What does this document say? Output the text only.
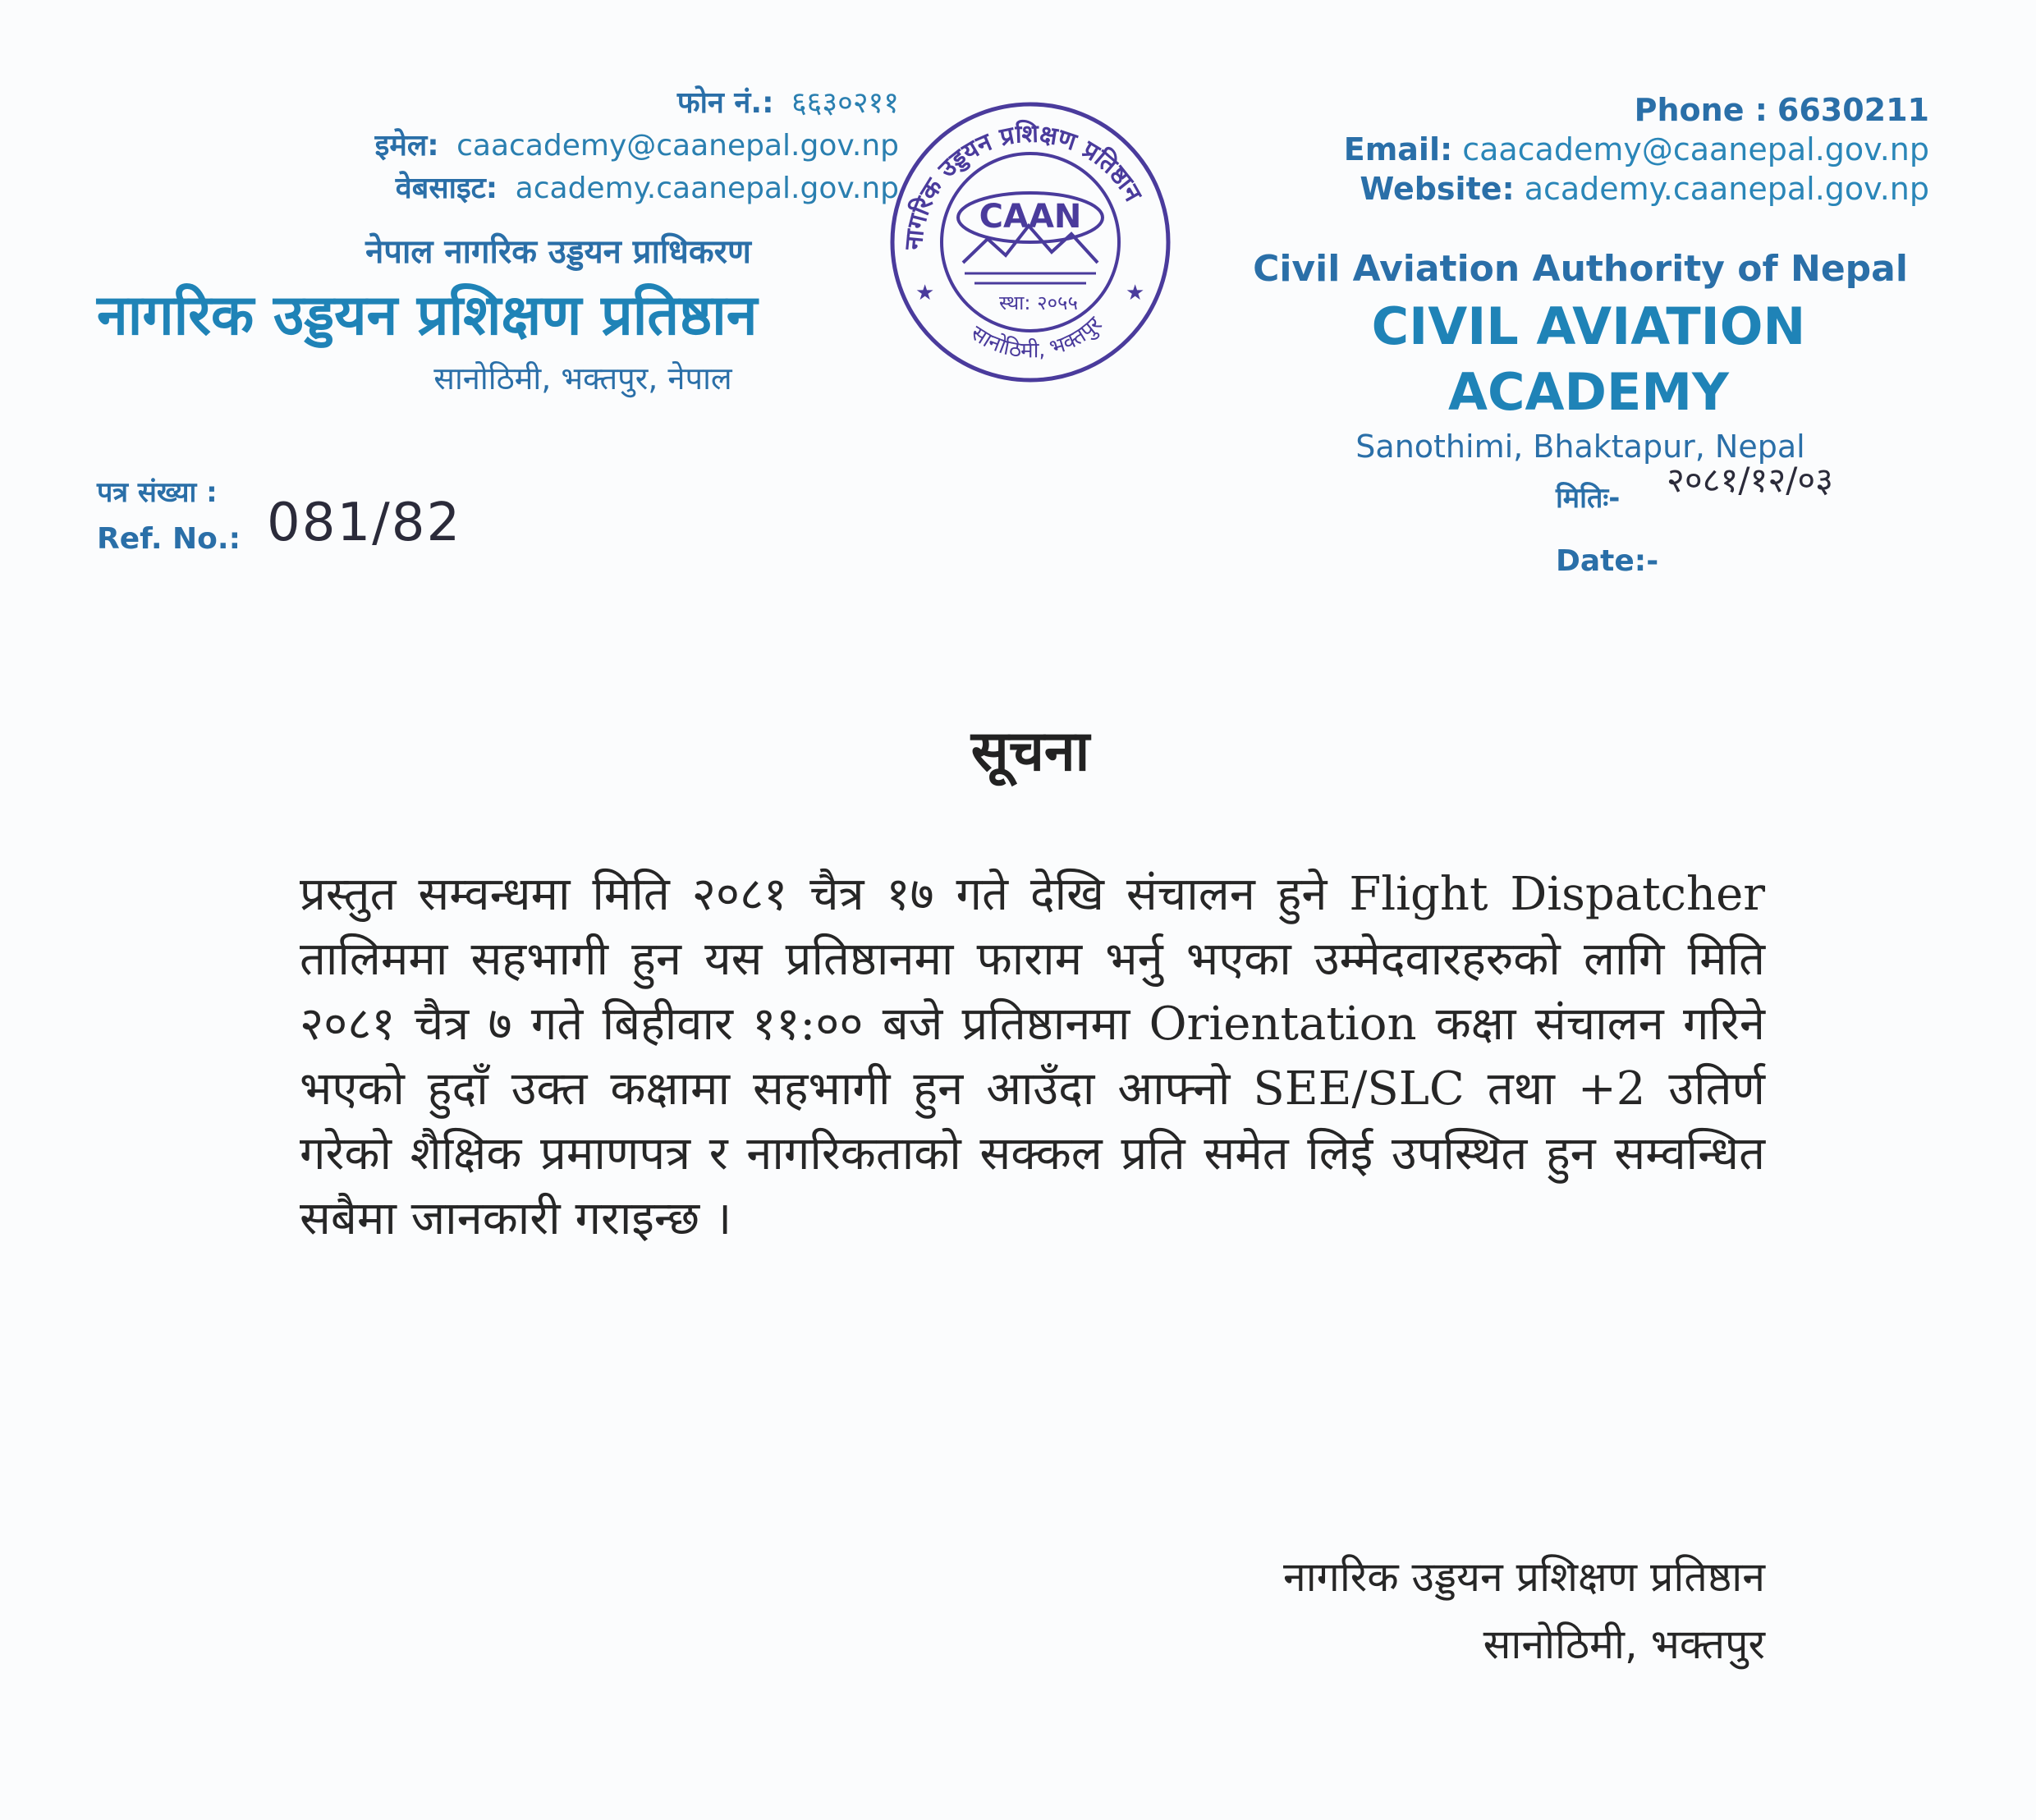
फोन नं.: ६६३०२११
इमेल: caacademy@caanepal.gov.np
वेबसाइट: academy.caanepal.gov.np
नेपाल नागरिक उड्डयन प्राधिकरण
नागरिक उड्डयन प्रशिक्षण प्रतिष्ठान
सानोठिमी, भक्तपुर, नेपाल
नागरिक उड्डयन प्रशिक्षण प्रतिष्ठान
सानोठिमी, भक्तपुर
CAAN
स्था: २०५५
★	★
Phone : 6630211
Email: caacademy@caanepal.gov.np
Website: academy.caanepal.gov.np
Civil Aviation Authority of Nepal
CIVIL AVIATION ACADEMY
Sanothimi, Bhaktapur, Nepal
पत्र संख्या :
Ref. No.: 081/82	मितिः-
Date:-
२०८१/१२/०३
सूचना
प्रस्तुत सम्वन्धमा मिति २०८१ चैत्र १७ गते देखि संचालन हुने Flight Dispatcher तालिममा सहभागी हुन यस प्रतिष्ठानमा फाराम भर्नु भएका उम्मेदवारहरुको लागि मिति २०८१ चैत्र ७ गते बिहीवार ११:०० बजे प्रतिष्ठानमा Orientation कक्षा संचालन गरिने भएको हुदाँ उक्त कक्षामा सहभागी हुन आउँदा आफ्नो SEE/SLC तथा +2 उतिर्ण गरेको शैक्षिक प्रमाणपत्र र नागरिकताको सक्कल प्रति समेत लिई उपस्थित हुन सम्वन्धित सबैमा जानकारी गराइन्छ ।
नागरिक उड्डयन प्रशिक्षण प्रतिष्ठान
सानोठिमी, भक्तपुर
